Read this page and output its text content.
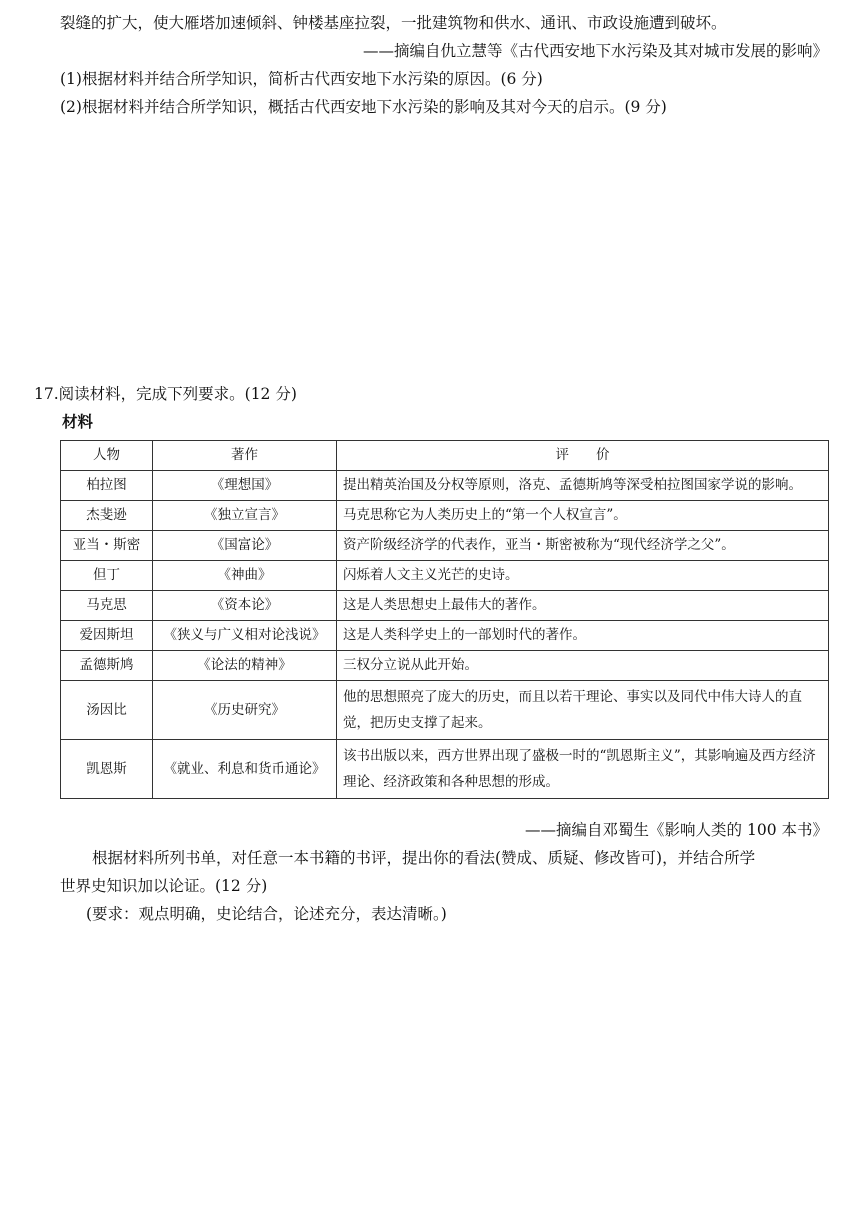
裂缝的扩大，使大雁塔加速倾斜、钟楼基座拉裂，一批建筑物和供水、通讯、市政设施遭到破坏。
——摘编自仇立慧等《古代西安地下水污染及其对城市发展的影响》
(1)根据材料并结合所学知识，简析古代西安地下水污染的原因。(6 分)
(2)根据材料并结合所学知识，概括古代西安地下水污染的影响及其对今天的启示。(9 分)
17.阅读材料，完成下列要求。(12 分)
材料
人物	著作	评　　价
柏拉图	《理想国》	提出精英治国及分权等原则，洛克、孟德斯鸠等深受柏拉图国家学说的影响。
杰斐逊	《独立宣言》	马克思称它为人类历史上的“第一个人权宣言”。
亚当・斯密	《国富论》	资产阶级经济学的代表作，亚当・斯密被称为“现代经济学之父”。
但丁	《神曲》	闪烁着人文主义光芒的史诗。
马克思	《资本论》	这是人类思想史上最伟大的著作。
爱因斯坦	《狭义与广义相对论浅说》	这是人类科学史上的一部划时代的著作。
孟德斯鸠	《论法的精神》	三权分立说从此开始。
汤因比	《历史研究》	他的思想照亮了庞大的历史，而且以若干理论、事实以及同代中伟大诗人的直觉，把历史支撑了起来。
凯恩斯	《就业、利息和货币通论》	该书出版以来，西方世界出现了盛极一时的“凯恩斯主义”，其影响遍及西方经济理论、经济政策和各种思想的形成。
——摘编自邓蜀生《影响人类的 100 本书》
根据材料所列书单，对任意一本书籍的书评，提出你的看法(赞成、质疑、修改皆可)，并结合所学
世界史知识加以论证。(12 分)
(要求：观点明确，史论结合，论述充分，表达清晰。)
